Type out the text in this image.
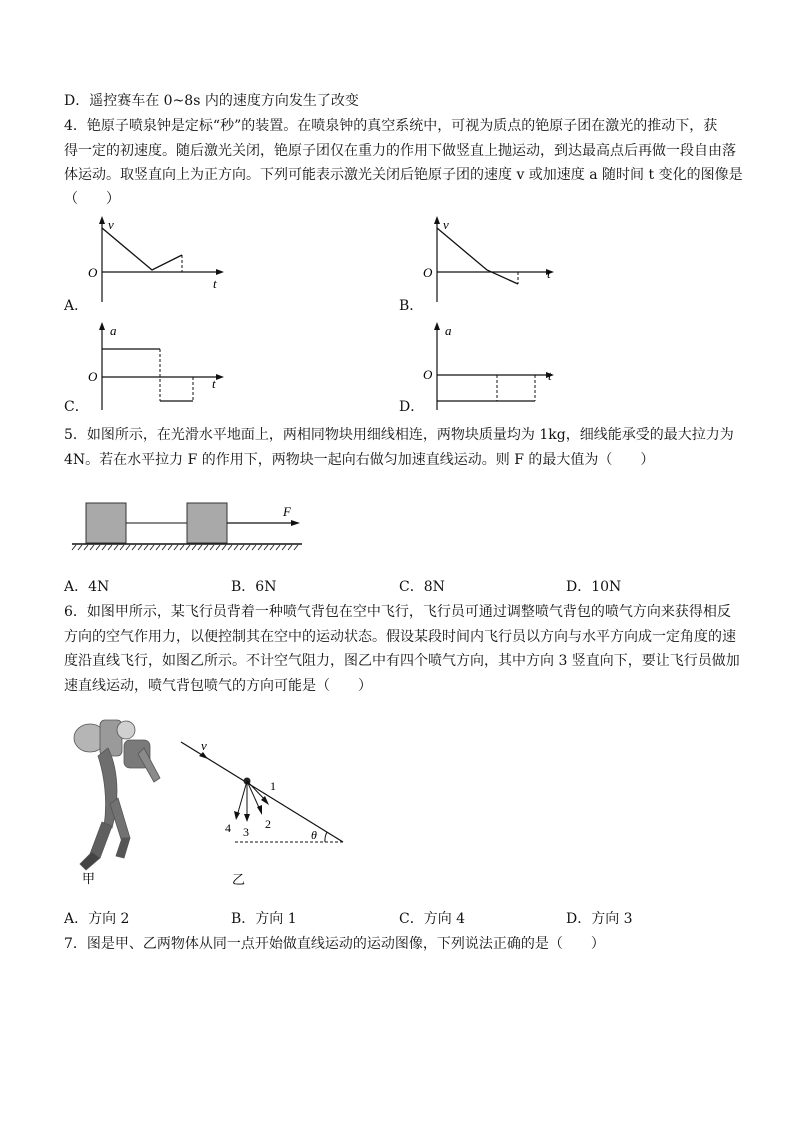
D．遥控赛车在 0~8s 内的速度方向发生了改变
4．铯原子喷泉钟是定标“秒”的装置。在喷泉钟的真空系统中，可视为质点的铯原子团在激光的推动下，获
得一定的初速度。随后激光关闭，铯原子团仅在重力的作用下做竖直上抛运动，到达最高点后再做一段自由落
体运动。取竖直向上为正方向。下列可能表示激光关闭后铯原子团的速度 v 或加速度 a 随时间 t 变化的图像是
（　　）
v
O
t
A．
v
O	t
B．
a
O	t
C．
a
O	t
D．
5．如图所示，在光滑水平地面上，两相同物块用细线相连，两物块质量均为 1kg，细线能承受的最大拉力为
4N。若在水平拉力 F 的作用下，两物块一起向右做匀加速直线运动。则 F 的最大值为（　　）
F
A．4N	B．6N	C．8N	D．10N
6．如图甲所示，某飞行员背着一种喷气背包在空中飞行，飞行员可通过调整喷气背包的喷气方向来获得相反
方向的空气作用力，以便控制其在空中的运动状态。假设某段时间内飞行员以方向与水平方向成一定角度的速
度沿直线飞行，如图乙所示。不计空气阻力，图乙中有四个喷气方向，其中方向 3 竖直向下，要让飞行员做加
速直线运动，喷气背包喷气的方向可能是（　　）
甲
v
θ
1
2
3
4
乙
A．方向 2	B．方向 1	C．方向 4	D．方向 3
7．图是甲、乙两物体从同一点开始做直线运动的运动图像，下列说法正确的是（　　）
